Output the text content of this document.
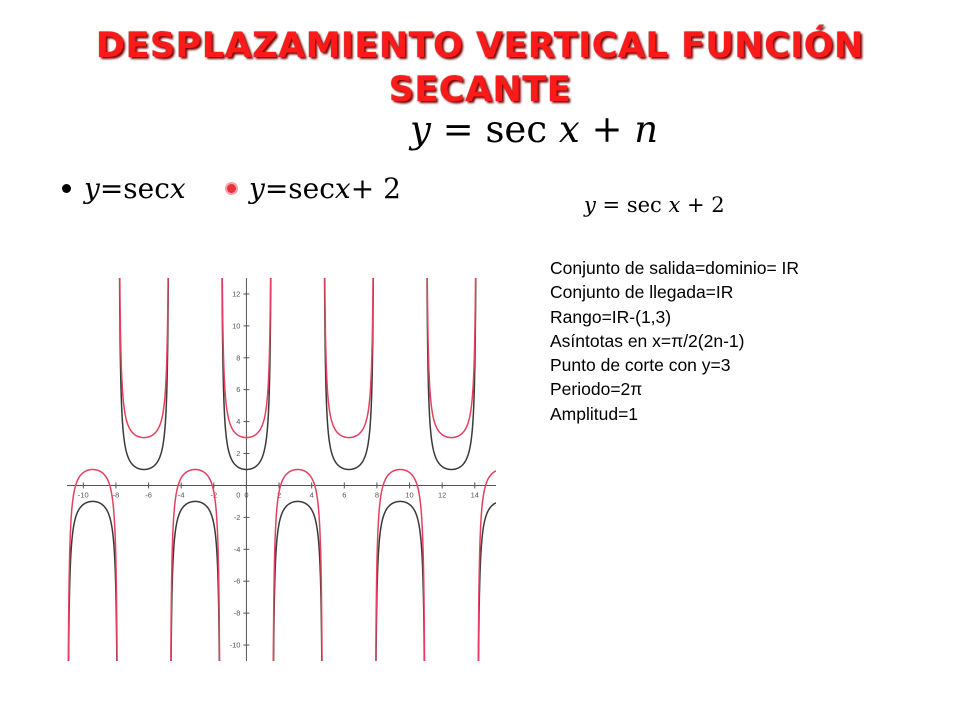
DESPLAZAMIENTO VERTICAL FUNCIÓN SECANTE
y = sec x + n
y = sec x y = sec x + 2	y = sec x + 2
Conjunto de salida=dominio= IR
Conjunto de llegada=IR
Rango=IR-(1,3)
Asíntotas en x=π/2(2n-1)
Punto de corte con y=3
Periodo=2π
Amplitud=1
-10	-8	-6	-4	-2	0	2	4	6	8	10	12	14
-10
-8
-6
-4
-2
2
4
6
8
10
12
0
